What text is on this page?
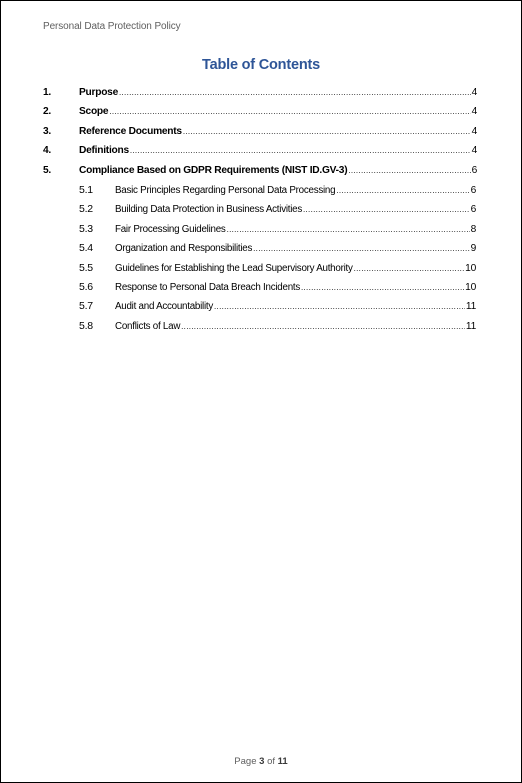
Personal Data Protection Policy
Table of Contents
1.	Purpose .....	4
2.	Scope .....	4
3.	Reference Documents .....	4
4.	Definitions .....	4
5.	Compliance Based on GDPR Requirements (NIST ID.GV-3) .....	6
5.1	Basic Principles Regarding Personal Data Processing .....	6
5.2	Building Data Protection in Business Activities .....	6
5.3	Fair Processing Guidelines .....	8
5.4	Organization and Responsibilities .....	9
5.5	Guidelines for Establishing the Lead Supervisory Authority .....	10
5.6	Response to Personal Data Breach Incidents .....	10
5.7	Audit and Accountability .....	11
5.8	Conflicts of Law .....	11
Page 3 of 11
